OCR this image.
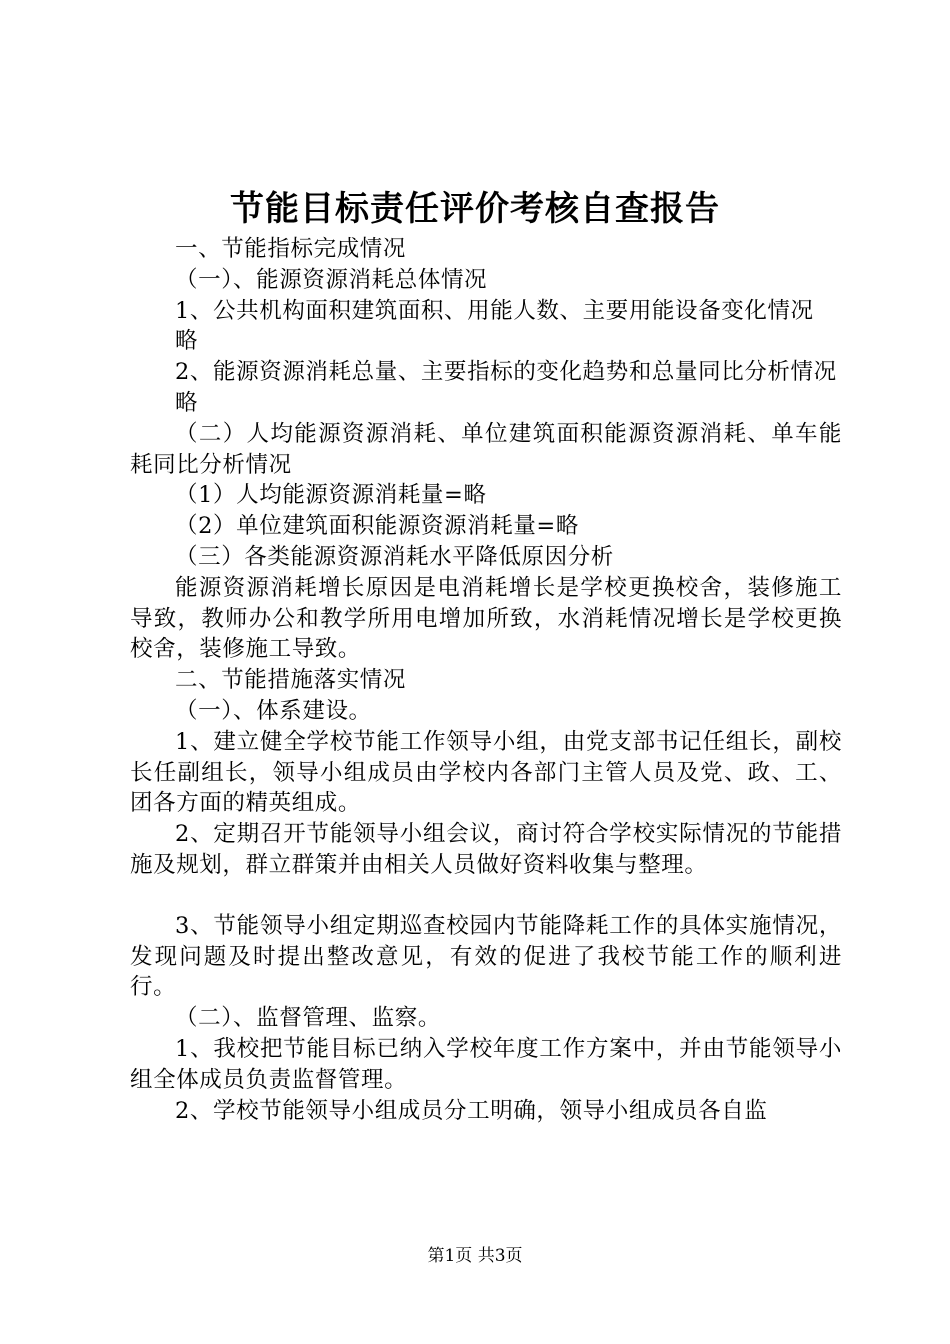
节能目标责任评价考核自查报告

一、节能指标完成情况

（一）、能源资源消耗总体情况

1、公共机构面积建筑面积、用能人数、主要用能设备变化情况

略

2、能源资源消耗总量、主要指标的变化趋势和总量同比分析情况

略

（二）人均能源资源消耗、单位建筑面积能源资源消耗、单车能耗同比分析情况

（1）人均能源资源消耗量=略

（2）单位建筑面积能源资源消耗量=略

（三）各类能源资源消耗水平降低原因分析

能源资源消耗增长原因是电消耗增长是学校更换校舍，装修施工导致，教师办公和教学所用电增加所致，水消耗情况增长是学校更换校舍，装修施工导致。

二、节能措施落实情况

（一）、体系建设。

1、建立健全学校节能工作领导小组，由党支部书记任组长，副校长任副组长，领导小组成员由学校内各部门主管人员及党、政、工、团各方面的精英组成。

2、定期召开节能领导小组会议，商讨符合学校实际情况的节能措施及规划，群立群策并由相关人员做好资料收集与整理。

3、节能领导小组定期巡查校园内节能降耗工作的具体实施情况，发现问题及时提出整改意见，有效的促进了我校节能工作的顺利进行。

（二）、监督管理、监察。

1、我校把节能目标已纳入学校年度工作方案中，并由节能领导小组全体成员负责监督管理。

2、学校节能领导小组成员分工明确，领导小组成员各自监

第1页 共3页
